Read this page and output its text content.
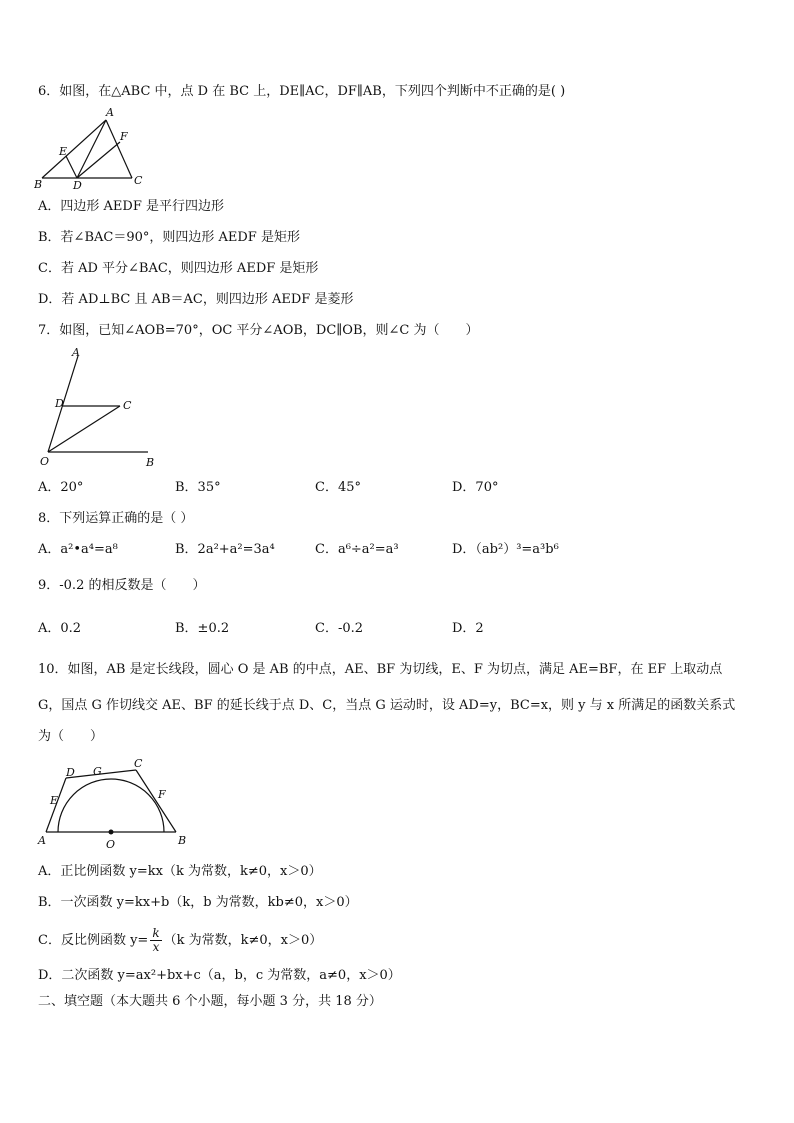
6．如图，在△ABC 中，点 D 在 BC 上，DE∥AC，DF∥AB，下列四个判断中不正确的是( )
A
B	C
D
E
F
A．四边形 AEDF 是平行四边形
B．若∠BAC＝90°，则四边形 AEDF 是矩形
C．若 AD 平分∠BAC，则四边形 AEDF 是矩形
D．若 AD⊥BC 且 AB＝AC，则四边形 AEDF 是菱形
7．如图，已知∠AOB=70°，OC 平分∠AOB，DC∥OB，则∠C 为（　　）
A
B
C
D
O
A．20°	B．35°	C．45°	D．70°
8．下列运算正确的是（ ）
A．a²•a⁴=a⁸	B．2a²+a²=3a⁴	C．a⁶÷a²=a³	D．（ab²）³=a³b⁶
9．-0.2 的相反数是（　　）
A．0.2	B．±0.2	C．-0.2	D．2
10．如图，AB 是定长线段，圆心 O 是 AB 的中点，AE、BF 为切线，E、F 为切点，满足 AE=BF，在 EF 上取动点
G，国点 G 作切线交 AE、BF 的延长线于点 D、C，当点 G 运动时，设 AD=y，BC=x，则 y 与 x 所满足的函数关系式
为（　　）
A	B
C
D
E	F
G
O
A．正比例函数 y=kx（k 为常数，k≠0，x＞0）
B．一次函数 y=kx+b（k，b 为常数，kb≠0，x＞0）
C．反比例函数 $y= \frac{k}{x} (k$ 为常数，k≠0，x＞0）
D．二次函数 y=ax²+bx+c（a，b，c 为常数，a≠0，x＞0）
二、填空题（本大题共 6 个小题，每小题 3 分，共 18 分）
